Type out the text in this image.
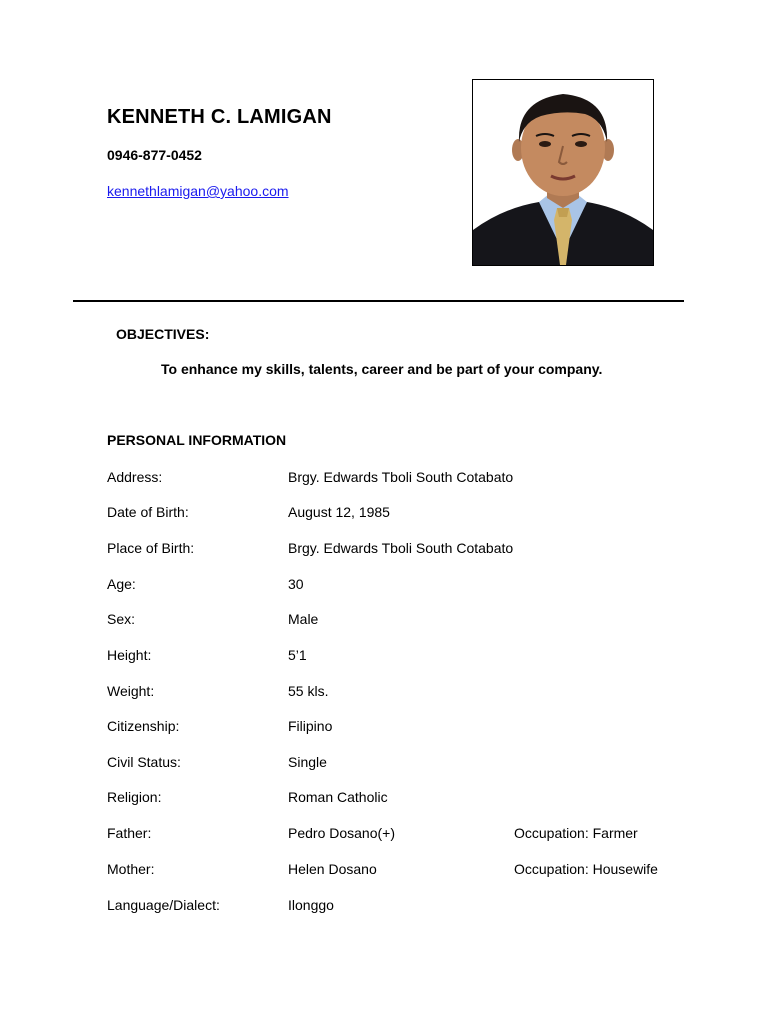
KENNETH C. LAMIGAN
0946-877-0452
kennethlamigan@yahoo.com
OBJECTIVES:
To enhance my skills, talents, career and be part of your company.
PERSONAL INFORMATION
Address:	Brgy. Edwards Tboli South Cotabato
Date of Birth:	August 12, 1985
Place of Birth:	Brgy. Edwards Tboli South Cotabato
Age:	30
Sex:	Male
Height:	5’1
Weight:	55 kls.
Citizenship:	Filipino
Civil Status:	Single
Religion:	Roman Catholic
Father:	Pedro Dosano(+)	Occupation: Farmer
Mother:	Helen Dosano	Occupation: Housewife
Language/Dialect:	Ilonggo
